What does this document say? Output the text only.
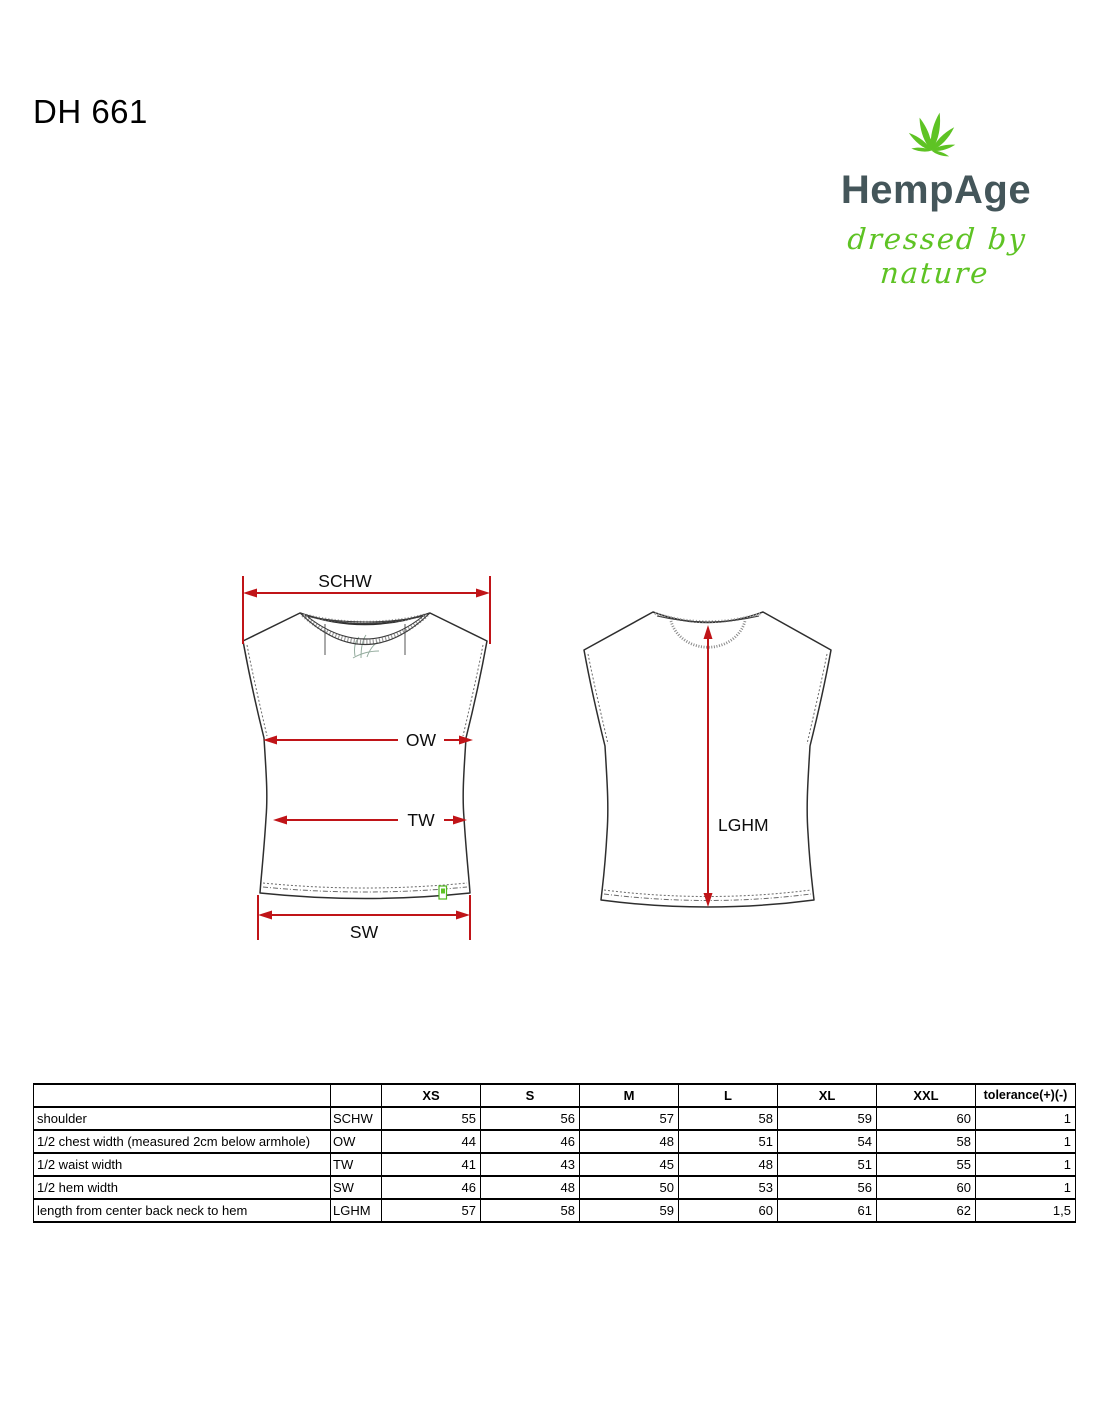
DH 661
HempAge
dressed by nature
SCHW
OW
TW
SW
LGHM
		XS	S	M	L	XL	XXL	tolerance(+)(-)
shoulder	SCHW	55	56	57	58	59	60	1
1/2 chest width (measured 2cm below armhole)	OW	44	46	48	51	54	58	1
1/2 waist width	TW	41	43	45	48	51	55	1
1/2 hem width	SW	46	48	50	53	56	60	1
length from center back neck to hem	LGHM	57	58	59	60	61	62	1,5
